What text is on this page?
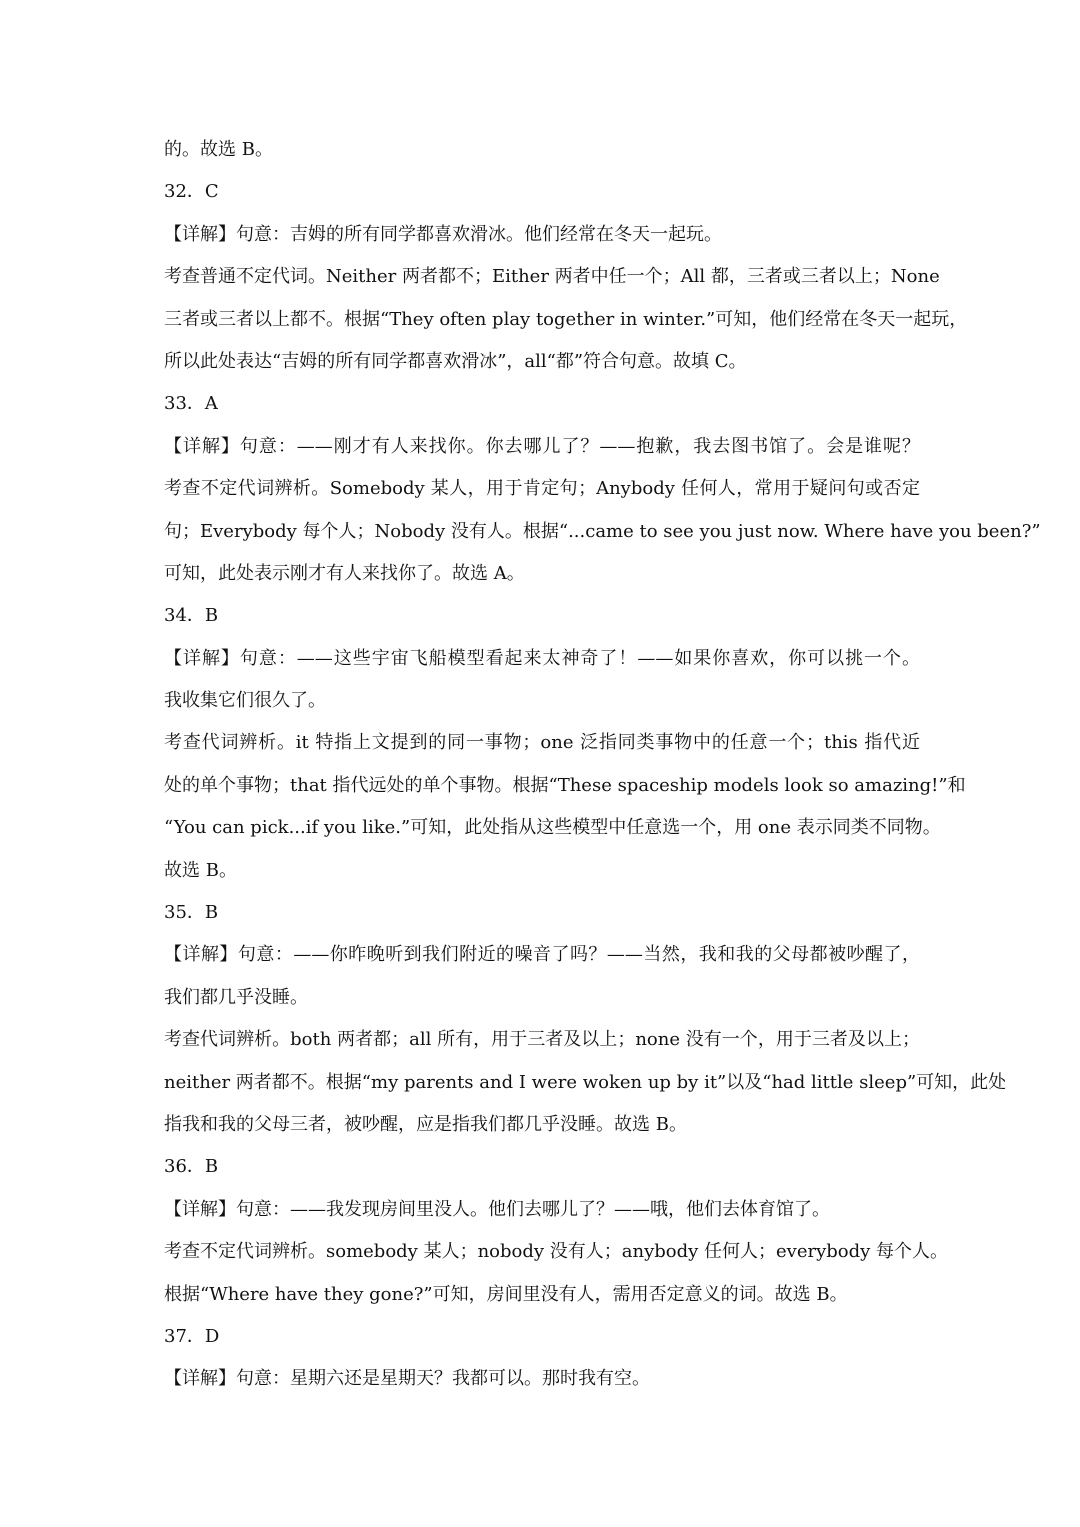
的。故选 B。
32．C
【详解】句意：吉姆的所有同学都喜欢滑冰。他们经常在冬天一起玩。
考查普通不定代词。Neither 两者都不；Either 两者中任一个；All 都，三者或三者以上；None
三者或三者以上都不。根据“They often play together in winter.”可知，他们经常在冬天一起玩，
所以此处表达“吉姆的所有同学都喜欢滑冰”，all“都”符合句意。故填 C。
33．A
【详解】句意：——刚才有人来找你。你去哪儿了？——抱歉，我去图书馆了。会是谁呢？
考查不定代词辨析。Somebody 某人，用于肯定句；Anybody 任何人，常用于疑问句或否定
句；Everybody 每个人；Nobody 没有人。根据“...came to see you just now. Where have you been?”
可知，此处表示刚才有人来找你了。故选 A。
34．B
【详解】句意：——这些宇宙飞船模型看起来太神奇了！——如果你喜欢，你可以挑一个。
我收集它们很久了。
考查代词辨析。it 特指上文提到的同一事物；one 泛指同类事物中的任意一个；this 指代近
处的单个事物；that 指代远处的单个事物。根据“These spaceship models look so amazing!”和
“You can pick...if you like.”可知，此处指从这些模型中任意选一个，用 one 表示同类不同物。
故选 B。
35．B
【详解】句意：——你昨晚听到我们附近的噪音了吗？——当然，我和我的父母都被吵醒了，
我们都几乎没睡。
考查代词辨析。both 两者都；all 所有，用于三者及以上；none 没有一个，用于三者及以上；
neither 两者都不。根据“my parents and I were woken up by it”以及“had little sleep”可知，此处
指我和我的父母三者，被吵醒，应是指我们都几乎没睡。故选 B。
36．B
【详解】句意：——我发现房间里没人。他们去哪儿了？——哦，他们去体育馆了。
考查不定代词辨析。somebody 某人；nobody 没有人；anybody 任何人；everybody 每个人。
根据“Where have they gone?”可知，房间里没有人，需用否定意义的词。故选 B。
37．D
【详解】句意：星期六还是星期天？我都可以。那时我有空。
